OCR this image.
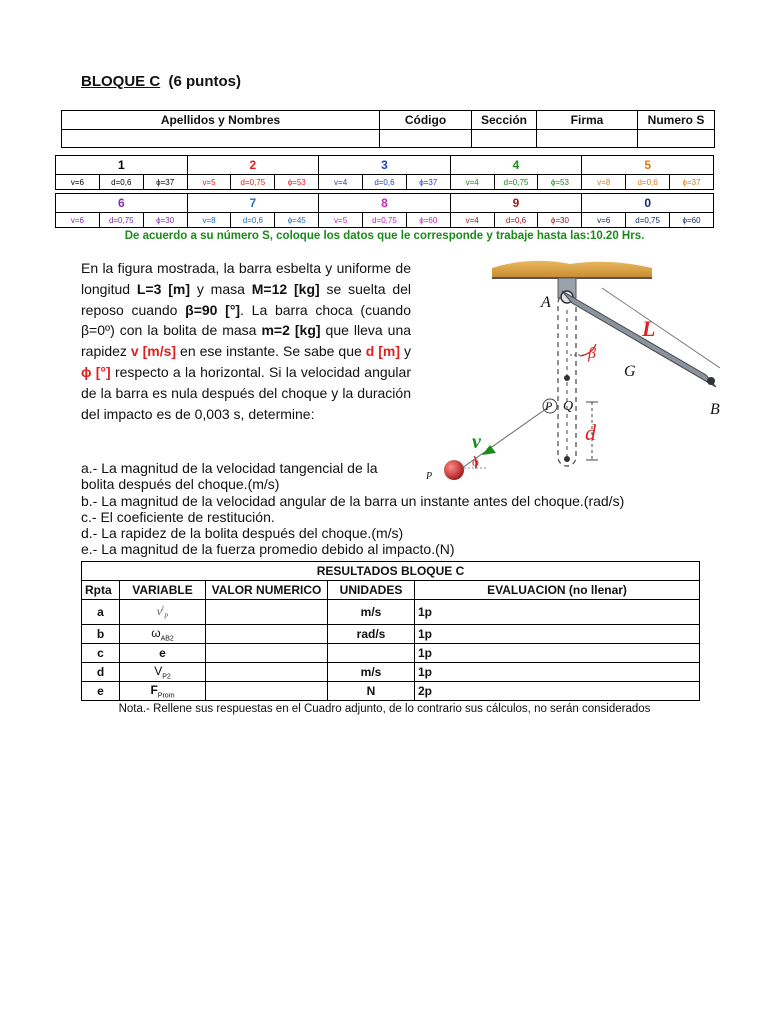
BLOQUE C (6 puntos)
Apellidos y Nombres	Código	Sección	Firma	Numero S

1			2			3			4			5		
v=6	d=0,6	ϕ=37	v=5	d=0,75	ϕ=53	v=4	d=0,6	ϕ=37	v=4	d=0,75	ϕ=53	v=8	d=0,6	ϕ=37
6			7			8			9			0		
v=6	d=0,75	ϕ=30	v=8	d=0,6	ϕ=45	v=5	d=0,75	ϕ=60	v=4	d=0,6	ϕ=30	v=6	d=0,75	ϕ=60
De acuerdo a su número S, coloque los datos que le corresponde y trabaje hasta las:10.20 Hrs.
En la figura mostrada, la barra esbelta y uniforme de longitud L=3 [m] y masa M=12 [kg] se suelta del reposo cuando β=90 [°]. La barra choca (cuando β=0º) con la bolita de masa m=2 [kg] que lleva una rapidez v [m/s] en ese instante. Se sabe que d [m] y ϕ [°] respecto a la horizontal. Si la velocidad angular de la barra es nula después del choque y la duración del impacto es de 0,003 s, determine:
A
L
β
G
B
P Q
d
v
ϕ
P
a.- La magnitud de la velocidad tangencial de la bolita después del choque.(m/s)
b.- La magnitud de la velocidad angular de la barra un instante antes del choque.(rad/s)
c.- El coeficiente de restitución.
d.- La rapidez de la bolita después del choque.(m/s)
e.- La magnitud de la fuerza promedio debido al impacto.(N)
RESULTADOS BLOQUE C				
Rpta	VARIABLE	VALOR NUMERICO	UNIDADES	EVALUACION (no llenar)
a	$v^t_P$		m/s	1p
b	$\omega_{AB2}$		rad/s	1p
c	e			1p
d	$V_{P2}$		m/s	1p
e	$F_{Prom}$		N	2p
Nota.- Rellene sus respuestas en el Cuadro adjunto, de lo contrario sus cálculos, no serán considerados
